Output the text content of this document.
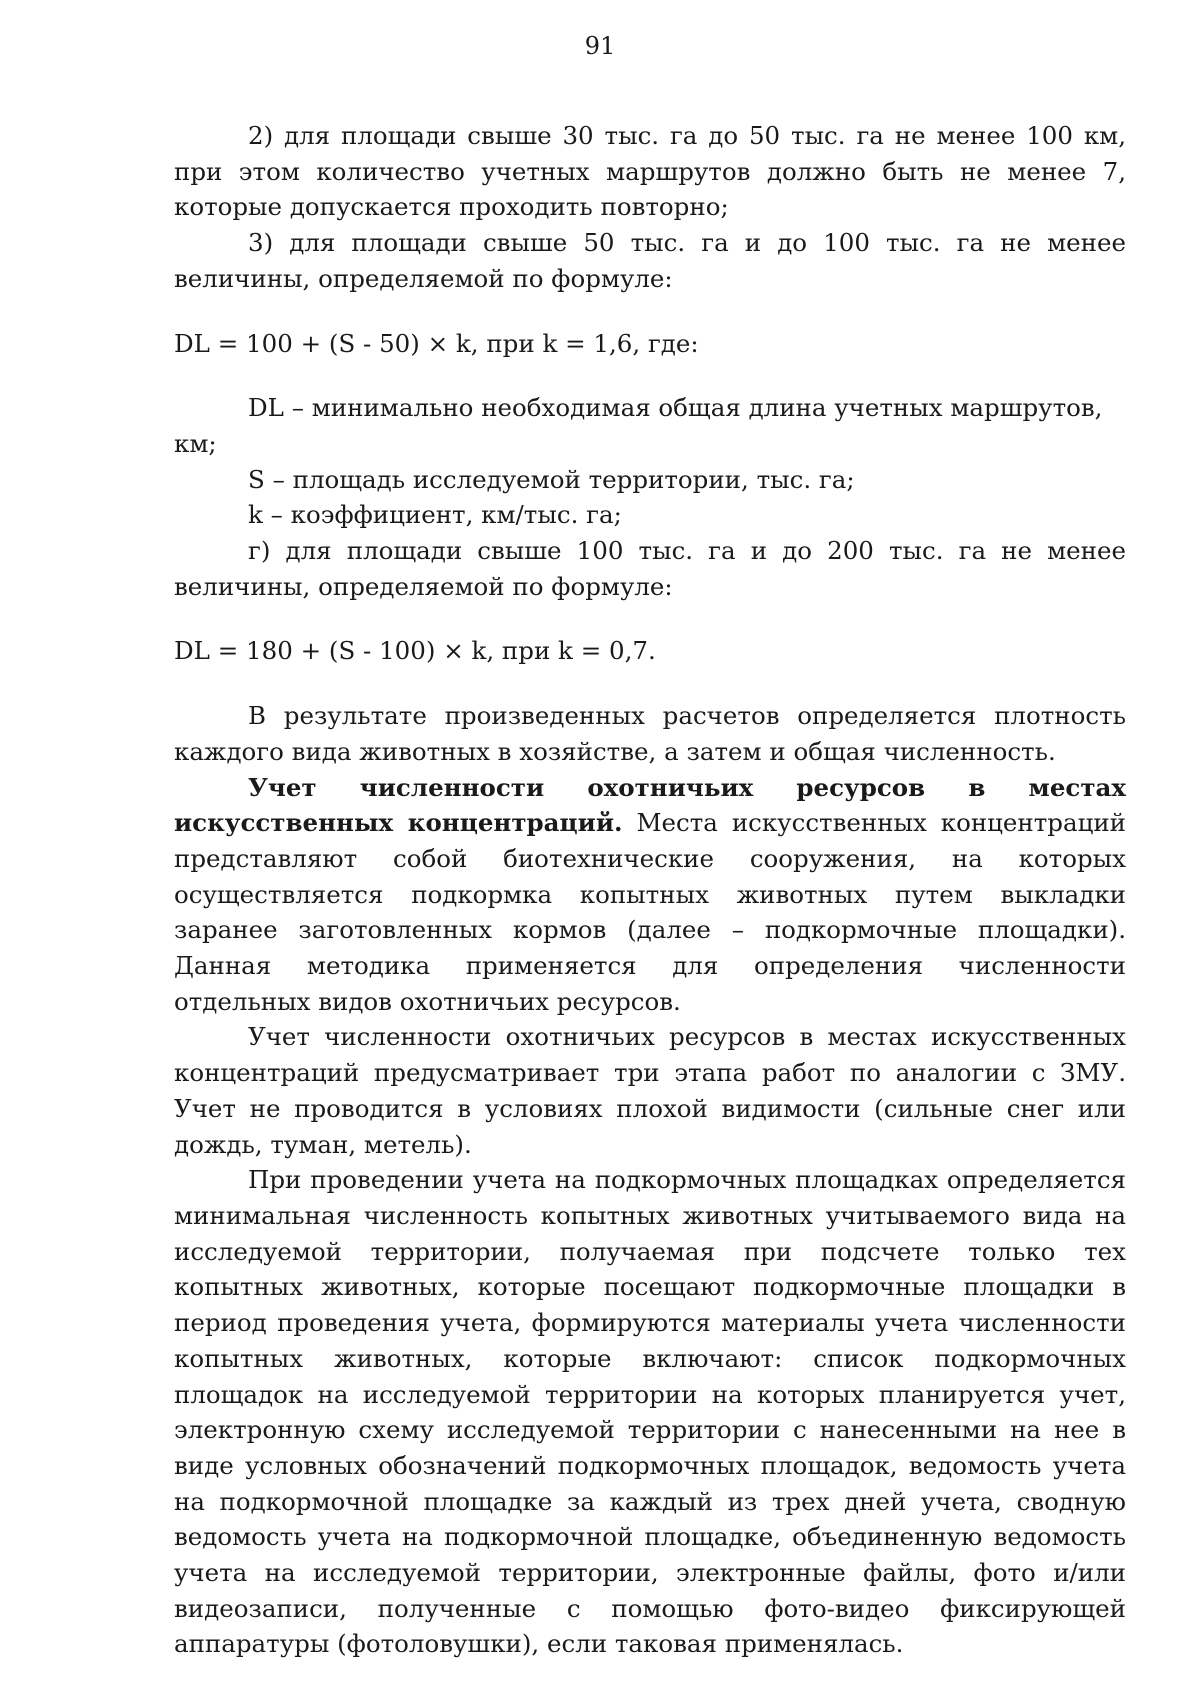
91

2) для площади свыше 30 тыс. га до 50 тыс. га не менее 100 км, при этом количество учетных маршрутов должно быть не менее 7, которые допускается проходить повторно;

3) для площади свыше 50 тыс. га и до 100 тыс. га не менее величины, определяемой по формуле:

DL = 100 + (S - 50) × k, при k = 1,6, где:

DL – минимально необходимая общая длина учетных маршрутов, км;

S – площадь исследуемой территории, тыс. га;

k – коэффициент, км/тыс. га;

г) для площади свыше 100 тыс. га и до 200 тыс. га не менее величины, определяемой по формуле:

DL = 180 + (S - 100) × k, при k = 0,7.

В результате произведенных расчетов определяется плотность каждого вида животных в хозяйстве, а затем и общая численность.

Учет численности охотничьих ресурсов в местах искусственных концентраций. Места искусственных концентраций представляют собой биотехнические сооружения, на которых осуществляется подкормка копытных животных путем выкладки заранее заготовленных кормов (далее – подкормочные площадки). Данная методика применяется для определения численности отдельных видов охотничьих ресурсов.

Учет численности охотничьих ресурсов в местах искусственных концентраций предусматривает три этапа работ по аналогии с ЗМУ. Учет не проводится в условиях плохой видимости (сильные снег или дождь, туман, метель).

При проведении учета на подкормочных площадках определяется минимальная численность копытных животных учитываемого вида на исследуемой территории, получаемая при подсчете только тех копытных животных, которые посещают подкормочные площадки в период проведения учета, формируются материалы учета численности копытных животных, которые включают: список подкормочных площадок на исследуемой территории на которых планируется учет, электронную схему исследуемой территории с нанесенными на нее в виде условных обозначений подкормочных площадок, ведомость учета на подкормочной площадке за каждый из трех дней учета, сводную ведомость учета на подкормочной площадке, объединенную ведомость учета на исследуемой территории, электронные файлы, фото и/или видеозаписи, полученные с помощью фото-видео фиксирующей аппаратуры (фотоловушки), если таковая применялась.
